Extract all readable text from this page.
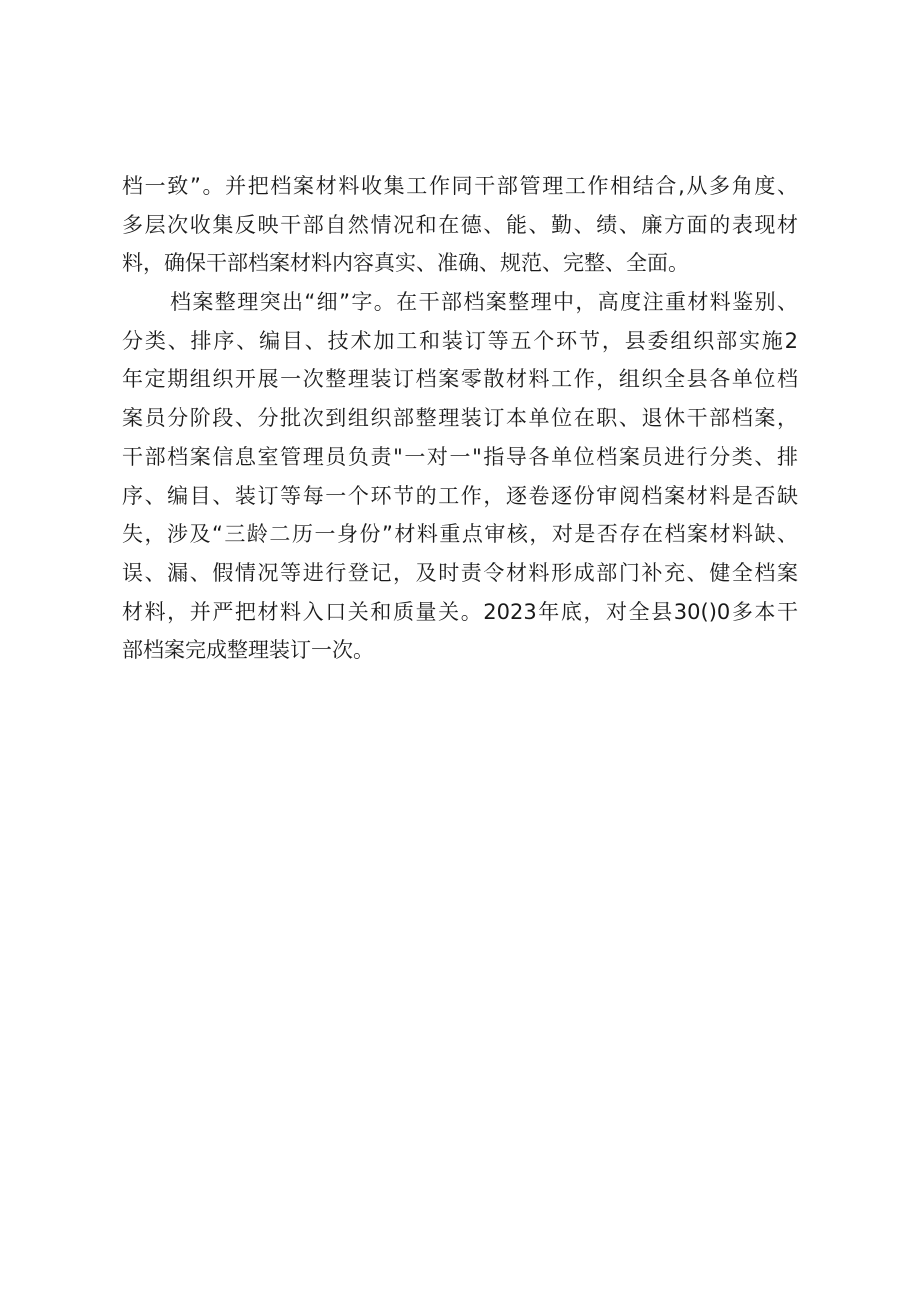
档一致”。并把档案材料收集工作同干部管理工作相结合,从多角度、
多层次收集反映干部自然情况和在德、能、勤、绩、廉方面的表现材
料，确保干部档案材料内容真实、准确、规范、完整、全面。
档案整理突出“细”字。在干部档案整理中，高度注重材料鉴别、
分类、排序、编目、技术加工和装订等五个环节，县委组织部实施2
年定期组织开展一次整理装订档案零散材料工作，组织全县各单位档
案员分阶段、分批次到组织部整理装订本单位在职、退休干部档案，
干部档案信息室管理员负责"一对一"指导各单位档案员进行分类、排
序、编目、装订等每一个环节的工作，逐卷逐份审阅档案材料是否缺
失，涉及“三龄二历一身份”材料重点审核，对是否存在档案材料缺、
误、漏、假情况等进行登记，及时责令材料形成部门补充、健全档案
材料，并严把材料入口关和质量关。2023年底，对全县30()0多本干
部档案完成整理装订一次。
